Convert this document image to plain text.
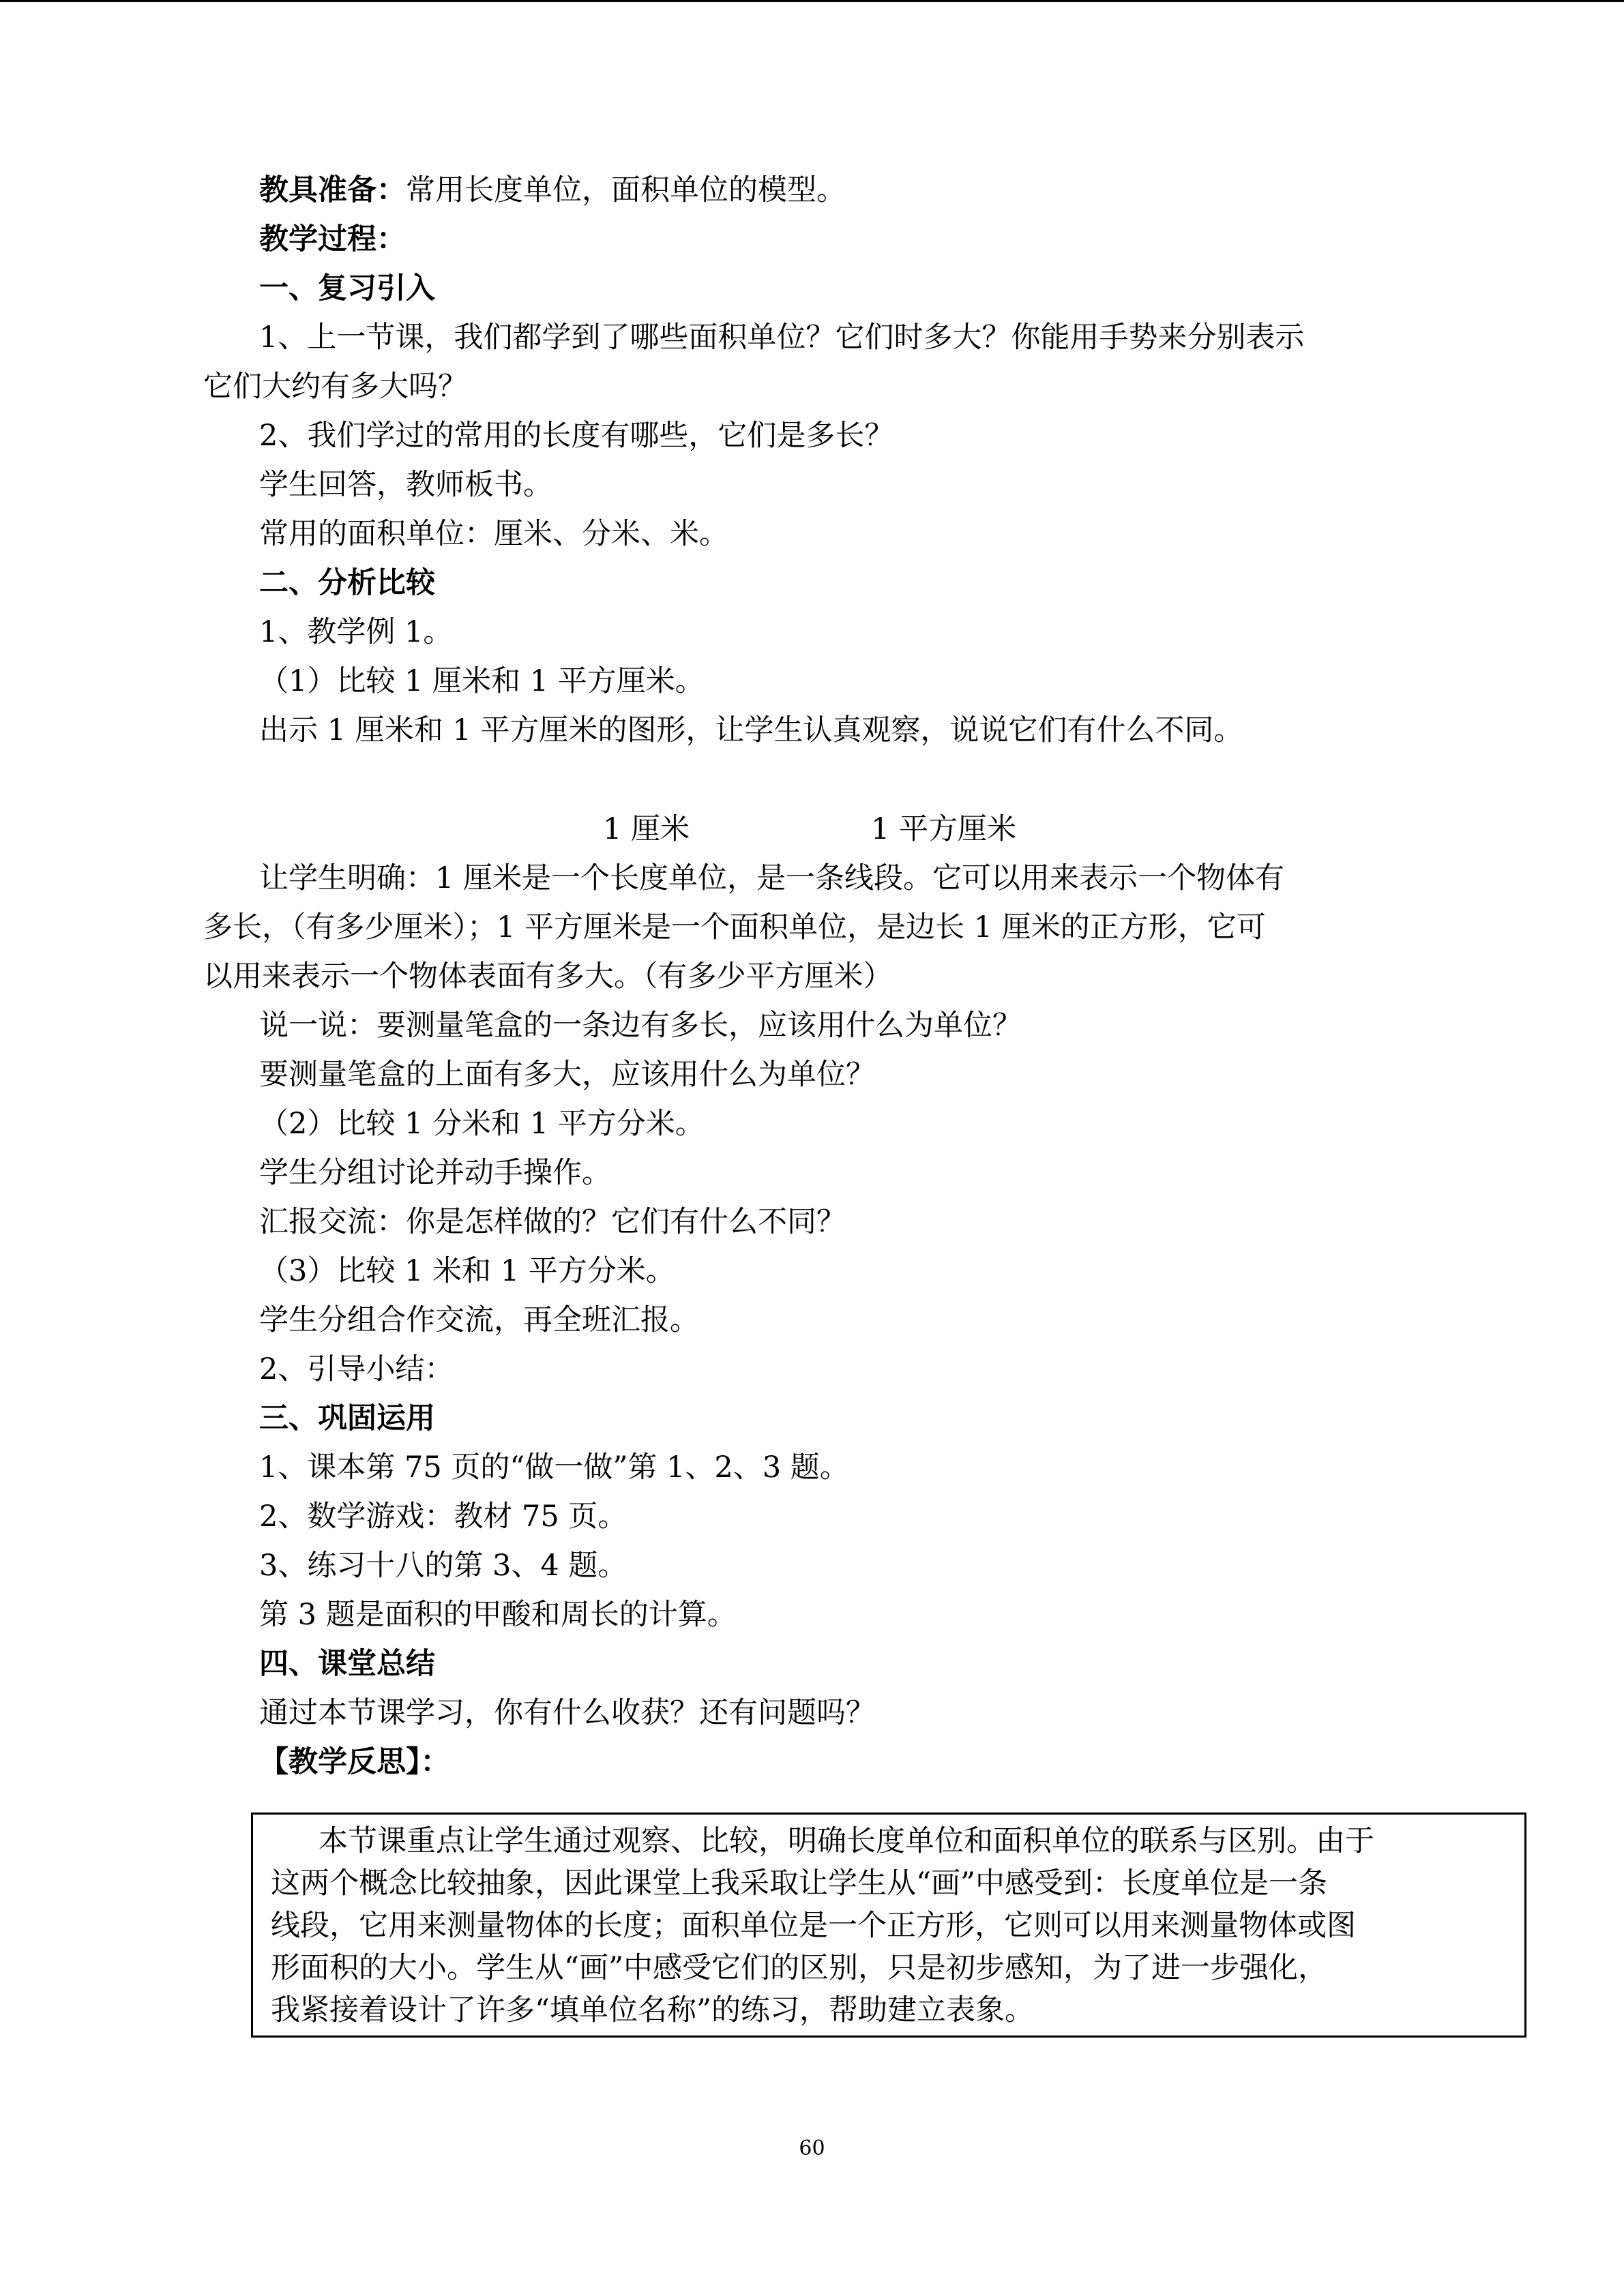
教具准备：常用长度单位，面积单位的模型。
教学过程：
一、复习引入
1、上一节课，我们都学到了哪些面积单位？它们时多大？你能用手势来分别表示
它们大约有多大吗？
2、我们学过的常用的长度有哪些，它们是多长？
学生回答，教师板书。
常用的面积单位：厘米、分米、米。
二、分析比较
1、教学例 1。
（1）比较 1 厘米和 1 平方厘米。
出示 1 厘米和 1 平方厘米的图形，让学生认真观察，说说它们有什么不同。
1 厘米	1 平方厘米
让学生明确：1 厘米是一个长度单位，是一条线段。它可以用来表示一个物体有
多长，（有多少厘米）；1 平方厘米是一个面积单位，是边长 1 厘米的正方形，它可
以用来表示一个物体表面有多大。（有多少平方厘米）
说一说：要测量笔盒的一条边有多长，应该用什么为单位？
要测量笔盒的上面有多大，应该用什么为单位？
（2）比较 1 分米和 1 平方分米。
学生分组讨论并动手操作。
汇报交流：你是怎样做的？它们有什么不同？
（3）比较 1 米和 1 平方分米。
学生分组合作交流，再全班汇报。
2、引导小结：
三、巩固运用
1、课本第 75 页的“做一做”第 1、2、3 题。
2、数学游戏：教材 75 页。
3、练习十八的第 3、4 题。
第 3 题是面积的甲酸和周长的计算。
四、课堂总结
通过本节课学习，你有什么收获？还有问题吗？
【教学反思】：
本节课重点让学生通过观察、比较，明确长度单位和面积单位的联系与区别。由于
这两个概念比较抽象，因此课堂上我采取让学生从“画”中感受到：长度单位是一条
线段，它用来测量物体的长度；面积单位是一个正方形，它则可以用来测量物体或图
形面积的大小。学生从“画”中感受它们的区别，只是初步感知，为了进一步强化，
我紧接着设计了许多“填单位名称”的练习，帮助建立表象。
60
